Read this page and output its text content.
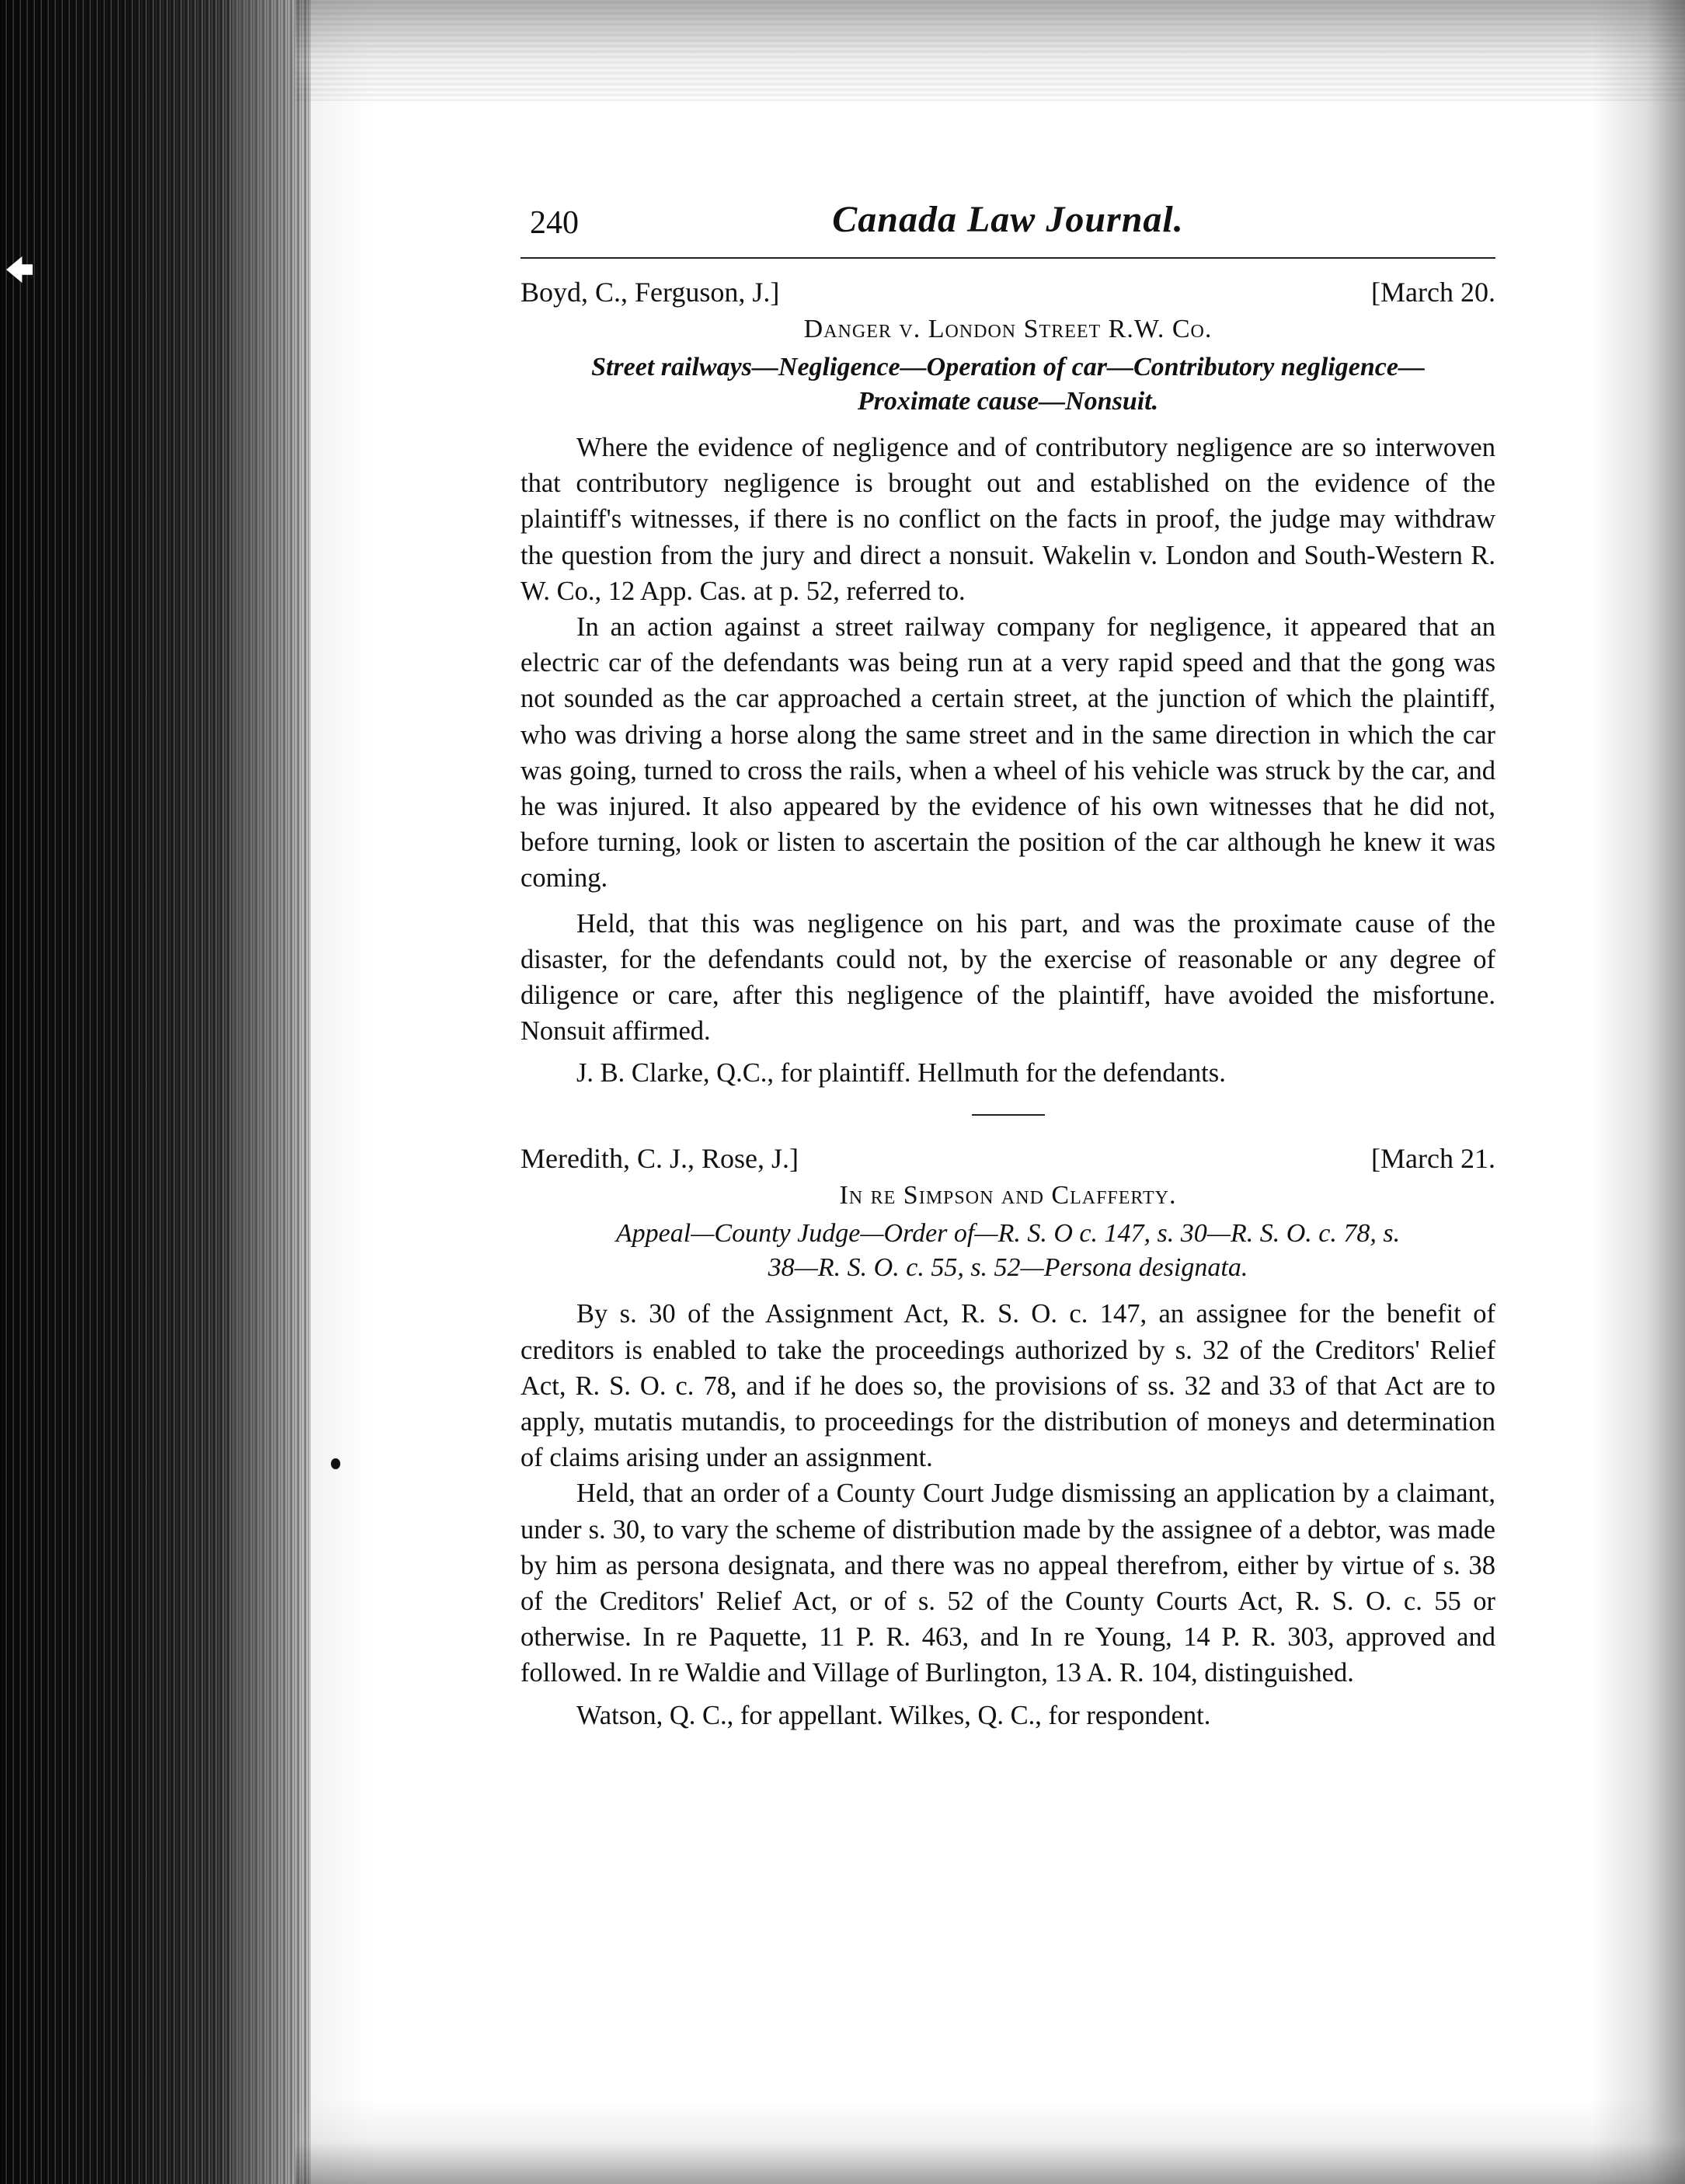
240	Canada Law Journal.
Boyd, C., Ferguson, J.]	[March 20.
Danger v. London Street R.W. Co.
Street railways—Negligence—Operation of car—Contributory negligence—
Proximate cause—Nonsuit.

Where the evidence of negligence and of contributory negligence are so interwoven that contributory negligence is brought out and established on the evidence of the plaintiff's witnesses, if there is no conflict on the facts in proof, the judge may withdraw the question from the jury and direct a nonsuit. Wakelin v. London and South-Western R. W. Co., 12 App. Cas. at p. 52, referred to.

In an action against a street railway company for negligence, it appeared that an electric car of the defendants was being run at a very rapid speed and that the gong was not sounded as the car approached a certain street, at the junction of which the plaintiff, who was driving a horse along the same street and in the same direction in which the car was going, turned to cross the rails, when a wheel of his vehicle was struck by the car, and he was injured. It also appeared by the evidence of his own witnesses that he did not, before turning, look or listen to ascertain the position of the car although he knew it was coming.

Held, that this was negligence on his part, and was the proximate cause of the disaster, for the defendants could not, by the exercise of reasonable or any degree of diligence or care, after this negligence of the plaintiff, have avoided the misfortune. Nonsuit affirmed.

J. B. Clarke, Q.C., for plaintiff. Hellmuth for the defendants.
Meredith, C. J., Rose, J.]	[March 21.
In re Simpson and Clafferty.
Appeal—County Judge—Order of—R. S. O c. 147, s. 30—R. S. O. c. 78, s.
38—R. S. O. c. 55, s. 52—Persona designata.

By s. 30 of the Assignment Act, R. S. O. c. 147, an assignee for the benefit of creditors is enabled to take the proceedings authorized by s. 32 of the Creditors' Relief Act, R. S. O. c. 78, and if he does so, the provisions of ss. 32 and 33 of that Act are to apply, mutatis mutandis, to proceedings for the distribution of moneys and determination of claims arising under an assignment.

Held, that an order of a County Court Judge dismissing an application by a claimant, under s. 30, to vary the scheme of distribution made by the assignee of a debtor, was made by him as persona designata, and there was no appeal therefrom, either by virtue of s. 38 of the Creditors' Relief Act, or of s. 52 of the County Courts Act, R. S. O. c. 55 or otherwise. In re Paquette, 11 P. R. 463, and In re Young, 14 P. R. 303, approved and followed. In re Waldie and Village of Burlington, 13 A. R. 104, distinguished.

Watson, Q. C., for appellant. Wilkes, Q. C., for respondent.
